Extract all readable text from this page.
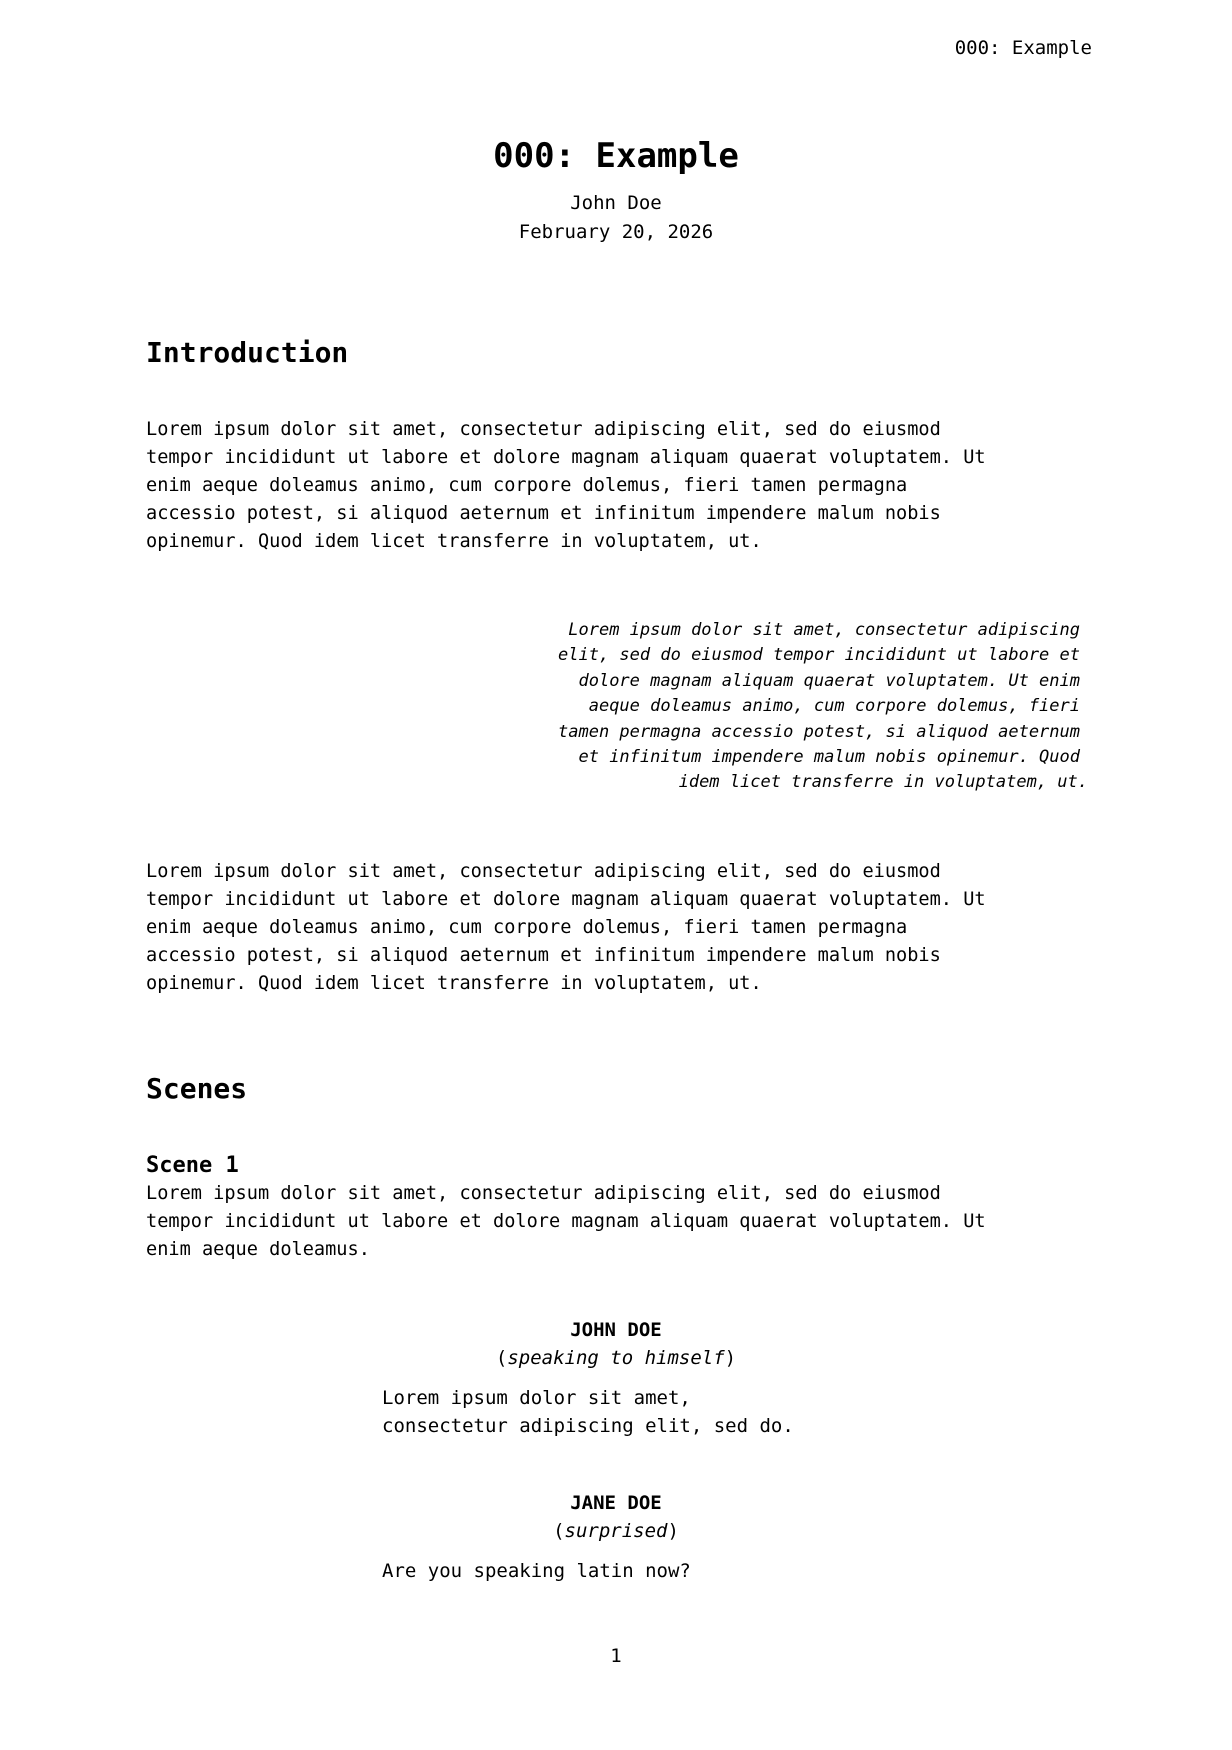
000: Example
000: Example
John Doe
February 20, 2026
Introduction
Lorem ipsum dolor sit amet, consectetur adipiscing elit, sed do eiusmod
tempor incididunt ut labore et dolore magnam aliquam quaerat voluptatem. Ut
enim aeque doleamus animo, cum corpore dolemus, fieri tamen permagna
accessio potest, si aliquod aeternum et infinitum impendere malum nobis
opinemur. Quod idem licet transferre in voluptatem, ut.
Lorem ipsum dolor sit amet, consectetur adipiscing
elit, sed do eiusmod tempor incididunt ut labore et
dolore magnam aliquam quaerat voluptatem. Ut enim
aeque doleamus animo, cum corpore dolemus, fieri
tamen permagna accessio potest, si aliquod aeternum
et infinitum impendere malum nobis opinemur. Quod
idem licet transferre in voluptatem, ut.
Lorem ipsum dolor sit amet, consectetur adipiscing elit, sed do eiusmod
tempor incididunt ut labore et dolore magnam aliquam quaerat voluptatem. Ut
enim aeque doleamus animo, cum corpore dolemus, fieri tamen permagna
accessio potest, si aliquod aeternum et infinitum impendere malum nobis
opinemur. Quod idem licet transferre in voluptatem, ut.
Scenes
Scene 1
Lorem ipsum dolor sit amet, consectetur adipiscing elit, sed do eiusmod
tempor incididunt ut labore et dolore magnam aliquam quaerat voluptatem. Ut
enim aeque doleamus.
JOHN DOE
(speaking to himself)
Lorem ipsum dolor sit amet,
consectetur adipiscing elit, sed do.
JANE DOE
(surprised)
Are you speaking latin now?
1
